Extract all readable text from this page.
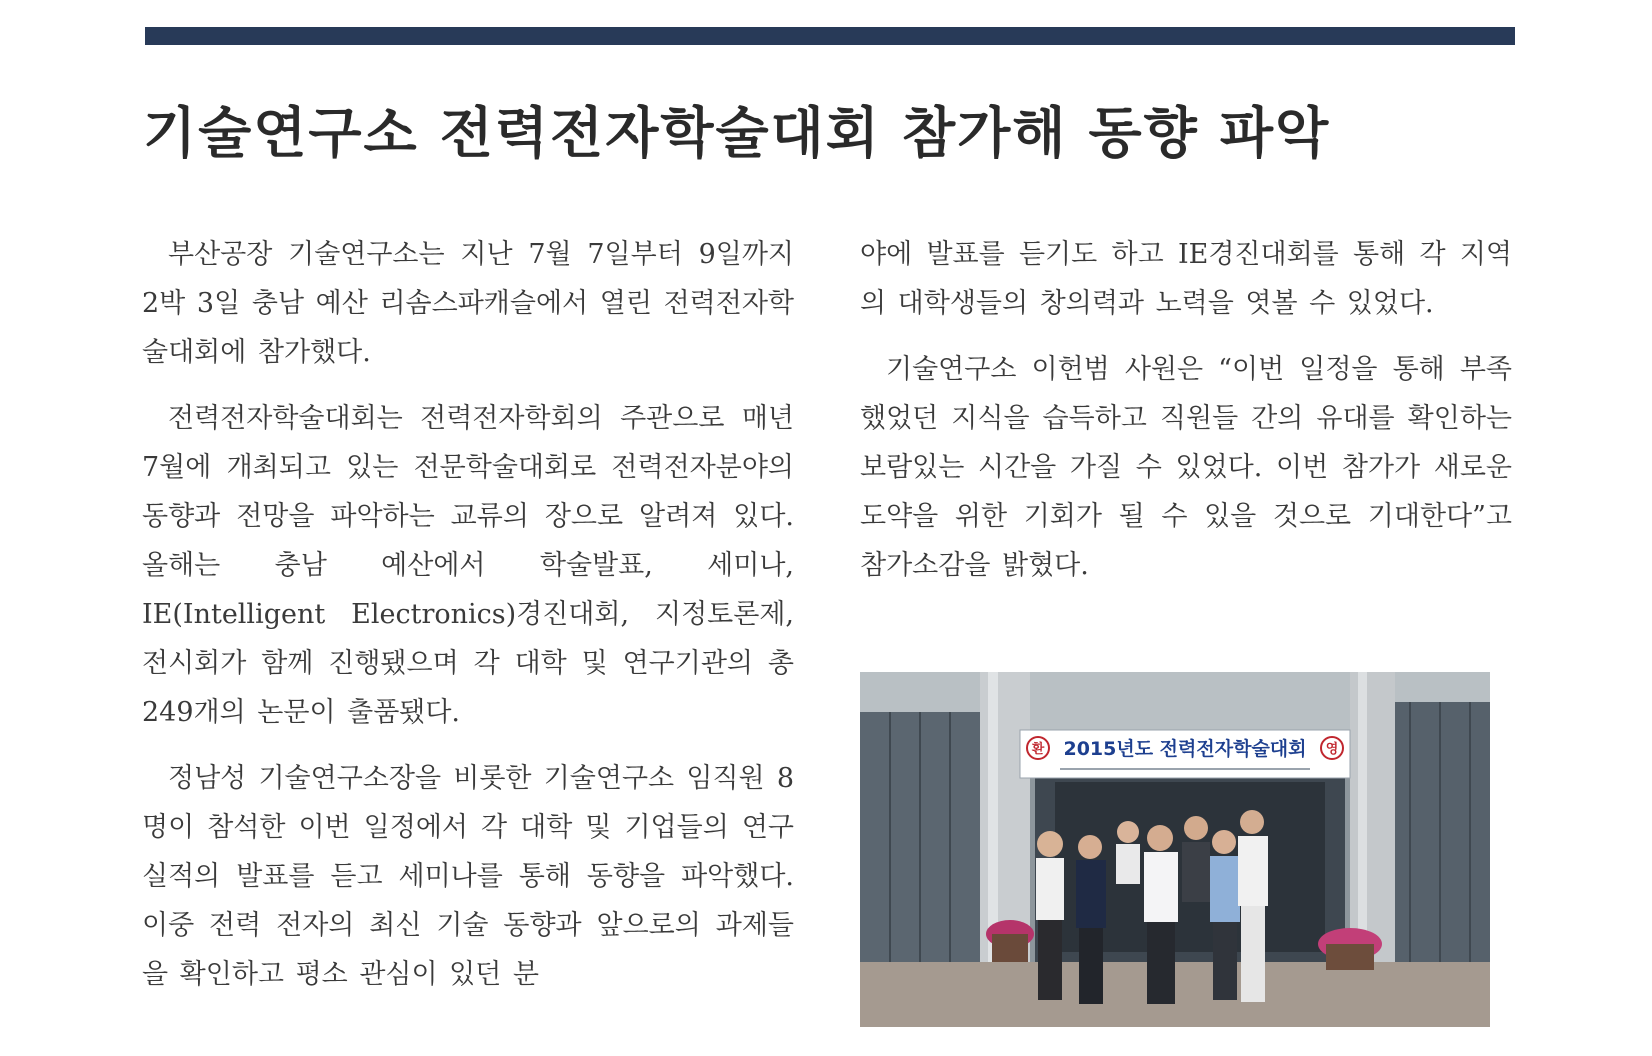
기술연구소 전력전자학술대회 참가해 동향 파악

부산공장 기술연구소는 지난 7월 7일부터 9일까지 2박 3일 충남 예산 리솜스파캐슬에서 열린 전력전자학술대회에 참가했다.

전력전자학술대회는 전력전자학회의 주관으로 매년 7월에 개최되고 있는 전문학술대회로 전력전자분야의 동향과 전망을 파악하는 교류의 장으로 알려져 있다. 올해는 충남 예산에서 학술발표, 세미나, IE(Intelligent Electronics)경진대회, 지정토론제, 전시회가 함께 진행됐으며 각 대학 및 연구기관의 총 249개의 논문이 출품됐다.

정남성 기술연구소장을 비롯한 기술연구소 임직원 8명이 참석한 이번 일정에서 각 대학 및 기업들의 연구실적의 발표를 듣고 세미나를 통해 동향을 파악했다. 이중 전력 전자의 최신 기술 동향과 앞으로의 과제들을 확인하고 평소 관심이 있던 분

야에 발표를 듣기도 하고 IE경진대회를 통해 각 지역의 대학생들의 창의력과 노력을 엿볼 수 있었다.

기술연구소 이헌범 사원은 “이번 일정을 통해 부족했었던 지식을 습득하고 직원들 간의 유대를 확인하는 보람있는 시간을 가질 수 있었다. 이번 참가가 새로운 도약을 위한 기회가 될 수 있을 것으로 기대한다”고 참가소감을 밝혔다.

환	영
2015년도 전력전자학술대회
